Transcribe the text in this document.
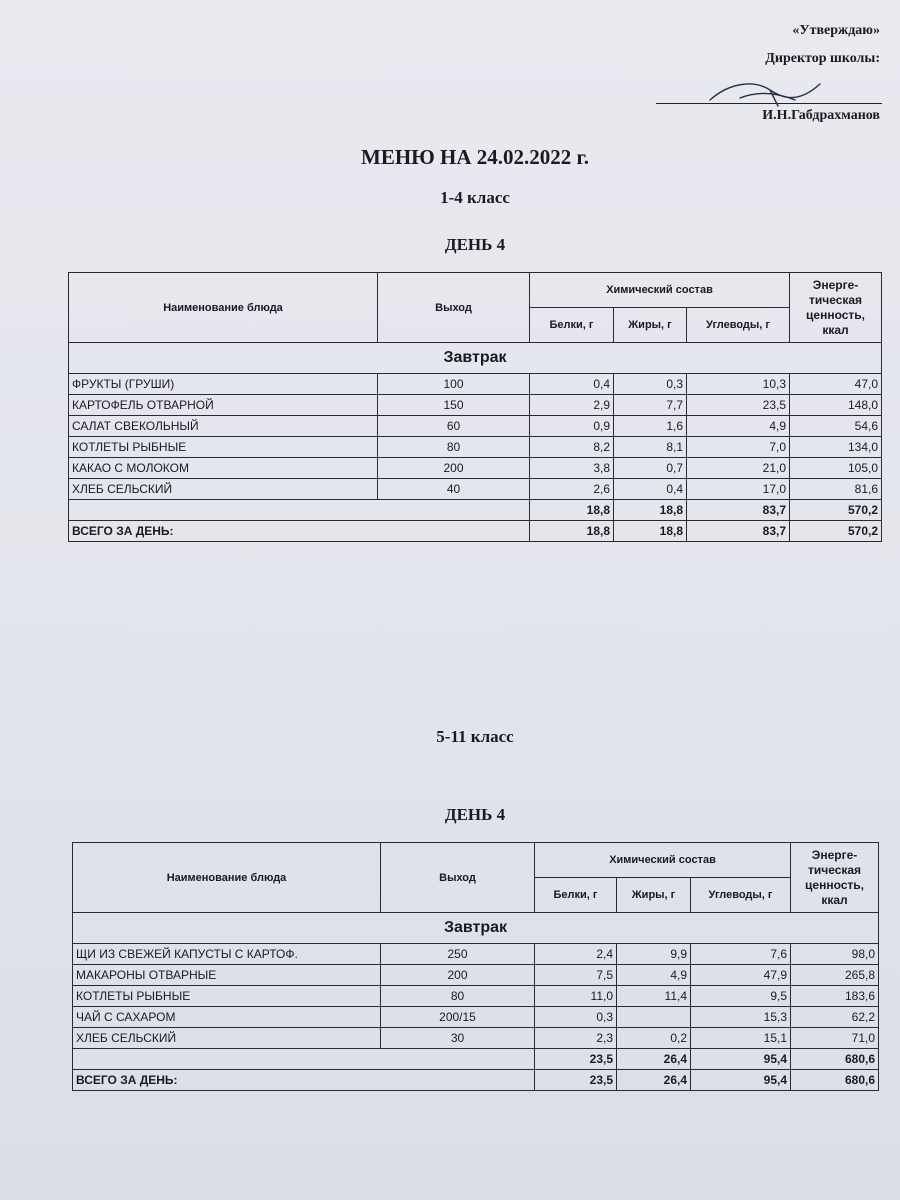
«Утверждаю»
Директор школы:
И.Н.Габдрахманов
МЕНЮ НА 24.02.2022 г.
1-4 класс
ДЕНЬ 4
Наименование блюда	Выход	Химический состав			Энерге-тическая ценность, ккал
		Белки, г	Жиры, г	Углеводы, г	
Завтрак					
ФРУКТЫ (ГРУШИ)	100	0,4	0,3	10,3	47,0
КАРТОФЕЛЬ ОТВАРНОЙ	150	2,9	7,7	23,5	148,0
САЛАТ СВЕКОЛЬНЫЙ	60	0,9	1,6	4,9	54,6
КОТЛЕТЫ РЫБНЫЕ	80	8,2	8,1	7,0	134,0
КАКАО С МОЛОКОМ	200	3,8	0,7	21,0	105,0
ХЛЕБ СЕЛЬСКИЙ	40	2,6	0,4	17,0	81,6
		18,8	18,8	83,7	570,2
ВСЕГО ЗА ДЕНЬ:		18,8	18,8	83,7	570,2
5-11 класс
ДЕНЬ 4
Наименование блюда	Выход	Химический состав			Энерге-тическая ценность, ккал
		Белки, г	Жиры, г	Углеводы, г	
Завтрак					
ЩИ ИЗ СВЕЖЕЙ КАПУСТЫ С КАРТОФ.	250	2,4	9,9	7,6	98,0
МАКАРОНЫ ОТВАРНЫЕ	200	7,5	4,9	47,9	265,8
КОТЛЕТЫ РЫБНЫЕ	80	11,0	11,4	9,5	183,6
ЧАЙ С САХАРОМ	200/15	0,3		15,3	62,2
ХЛЕБ СЕЛЬСКИЙ	30	2,3	0,2	15,1	71,0
		23,5	26,4	95,4	680,6
ВСЕГО ЗА ДЕНЬ:		23,5	26,4	95,4	680,6
